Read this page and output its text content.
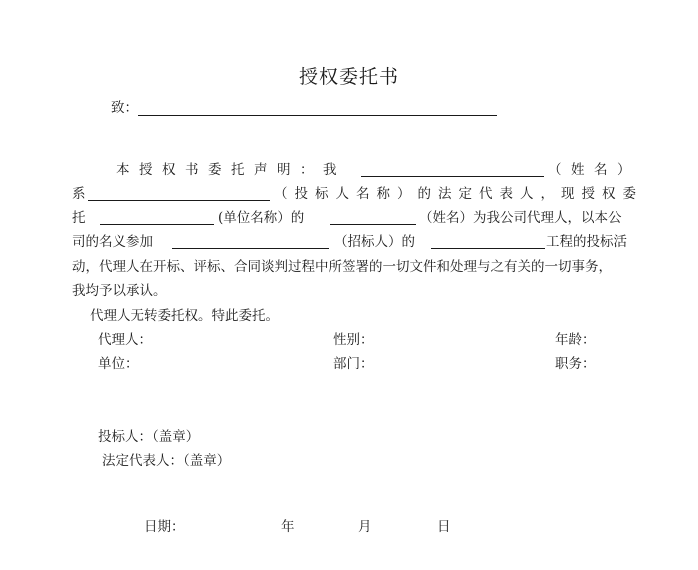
授权委托书
致：
本授权书委托声明：我	（姓名）
系	（投标人名称）的法定代表人，现授权委
托	(单位名称）的	（姓名）为我公司代理人，以本公
司的名义参加	（招标人）的	工程的投标活
动，代理人在开标、评标、合同谈判过程中所签署的一切文件和处理与之有关的一切事务，
我均予以承认。
代理人无转委托权。特此委托。
代理人：	性别：	年龄：
单位：	部门：	职务：
投标人：（盖章）
法定代表人：（盖章）
日期：	年	月	日
